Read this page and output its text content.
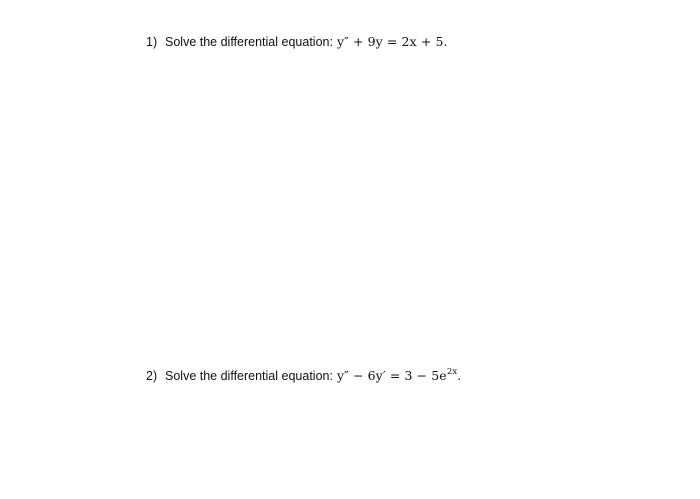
1) Solve the differential equation: y″ + 9y = 2x + 5.
2) Solve the differential equation: $y'' - 6y' = 3 - 5e^{2x}$.
